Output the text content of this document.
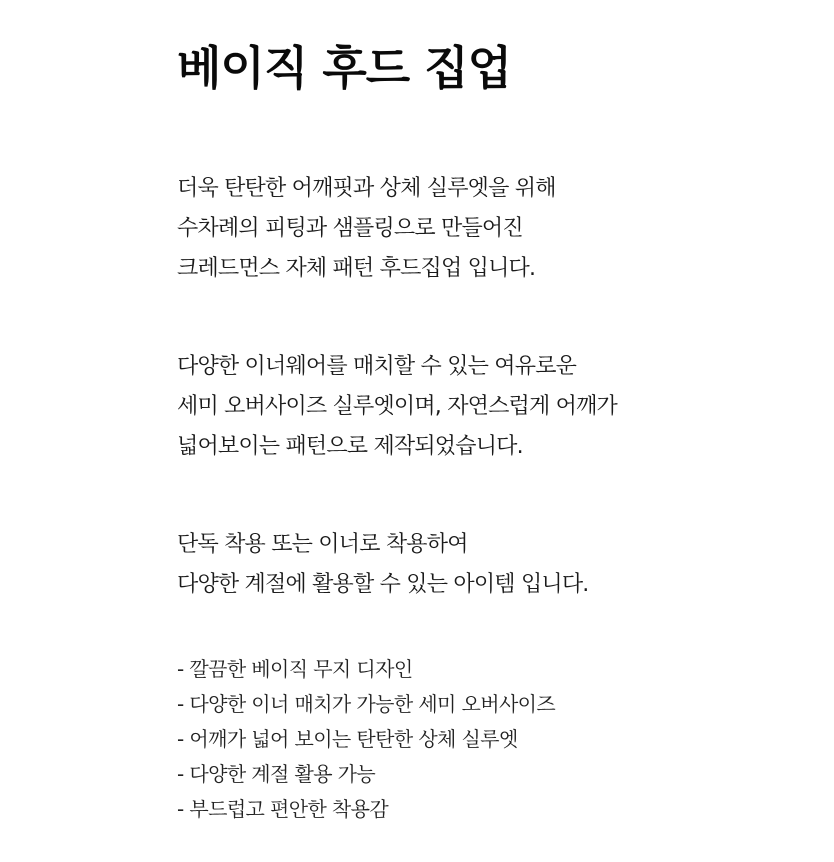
베이직 후드 집업
더욱 탄탄한 어깨핏과 상체 실루엣을 위해
수차례의 피팅과 샘플링으로 만들어진
크레드먼스 자체 패턴 후드집업 입니다.
다양한 이너웨어를 매치할 수 있는 여유로운
세미 오버사이즈 실루엣이며, 자연스럽게 어깨가
넓어보이는 패턴으로 제작되었습니다.
단독 착용 또는 이너로 착용하여
다양한 계절에 활용할 수 있는 아이템 입니다.
- 깔끔한 베이직 무지 디자인
- 다양한 이너 매치가 가능한 세미 오버사이즈
- 어깨가 넓어 보이는 탄탄한 상체 실루엣
- 다양한 계절 활용 가능
- 부드럽고 편안한 착용감
